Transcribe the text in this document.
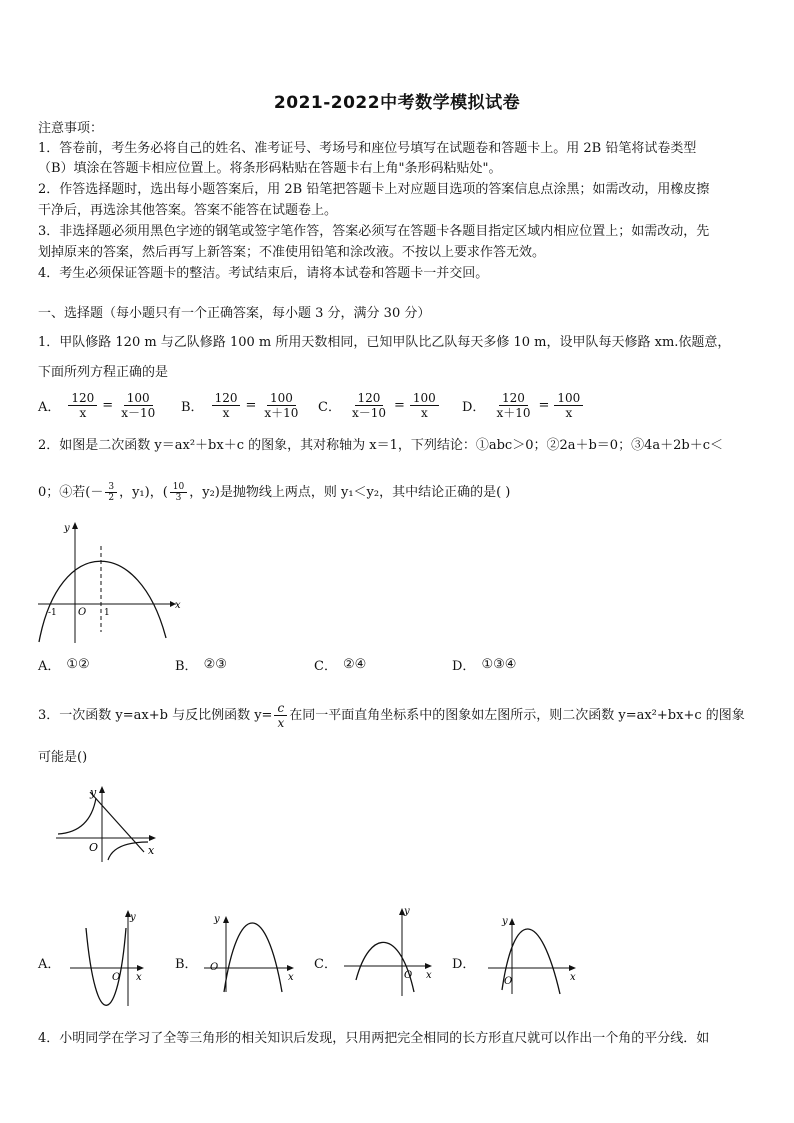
2021-2022中考数学模拟试卷
注意事项：
1．答卷前，考生务必将自己的姓名、准考证号、考场号和座位号填写在试题卷和答题卡上。用 2B 铅笔将试卷类型
（B）填涂在答题卡相应位置上。将条形码粘贴在答题卡右上角"条形码粘贴处"。
2．作答选择题时，选出每小题答案后，用 2B 铅笔把答题卡上对应题目选项的答案信息点涂黑；如需改动，用橡皮擦
干净后，再选涂其他答案。答案不能答在试题卷上。
3．非选择题必须用黑色字迹的钢笔或签字笔作答，答案必须写在答题卡各题目指定区域内相应位置上；如需改动，先
划掉原来的答案，然后再写上新答案；不准使用铅笔和涂改液。不按以上要求作答无效。
4．考生必须保证答题卡的整洁。考试结束后，请将本试卷和答题卡一并交回。
一、选择题（每小题只有一个正确答案，每小题 3 分，满分 30 分）
1．甲队修路 120 m 与乙队修路 100 m 所用天数相同，已知甲队比乙队每天多修 10 m，设甲队每天修路 xm.依题意，
下面所列方程正确的是
A． $\frac{120}{x} = \frac{100}{x-10}$ B． $\frac{120}{x} = \frac{100}{x+10}$ C． $\frac{120}{x-10} = \frac{100}{x}$ D． $\frac{120}{x+10} = \frac{100}{x}$
2．如图是二次函数 y＝ax²＋bx＋c 的图象，其对称轴为 x＝1，下列结论：①abc＞0；②2a＋b＝0；③4a＋2b＋c＜
0；④若(－ $\frac{3}{2}$ ，y₁)，( $\frac{10}{3}$ ，y₂)是抛物线上两点，则 y₁＜y₂，其中结论正确的是( )
y
x
O
-1	1
A． ①②	B． ②③	C． ②④	D． ①③④
3．一次函数 y=ax+b 与反比例函数 $y= \frac{c}{x}$ 在同一平面直角坐标系中的图象如左图所示，则二次函数 y=ax²+bx+c 的图象
可能是()
y
x
O
A．
y
x
O
B．
y
x
O	C．
y
x
O
D．
y
x
O
4．小明同学在学习了全等三角形的相关知识后发现，只用两把完全相同的长方形直尺就可以作出一个角的平分线．如
